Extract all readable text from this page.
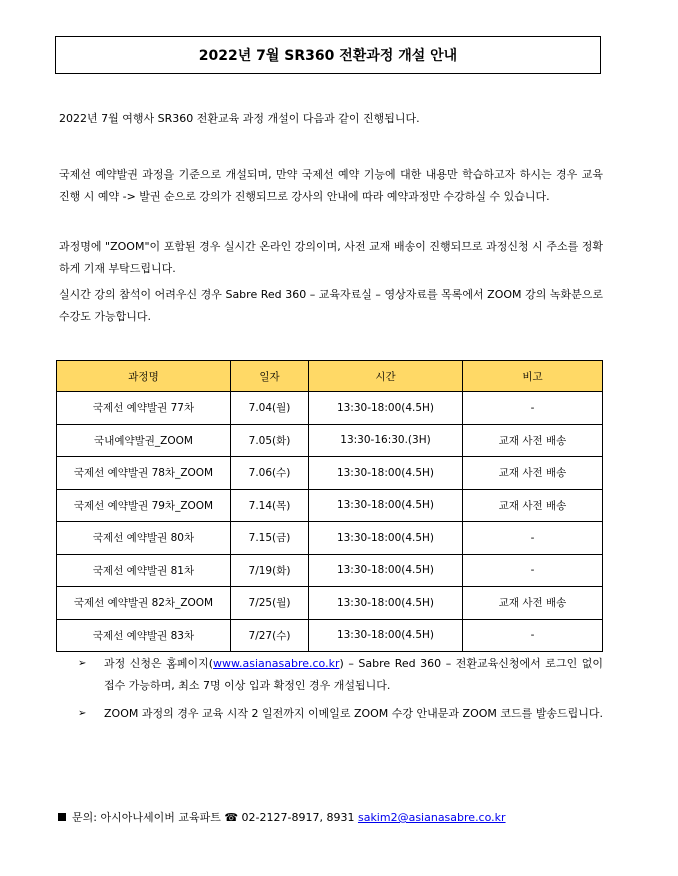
2022년 7월 SR360 전환과정 개설 안내
2022년 7월 여행사 SR360 전환교육 과정 개설이 다음과 같이 진행됩니다.
국제선 예약발권 과정을 기준으로 개설되며, 만약 국제선 예약 기능에 대한 내용만 학습하고자 하시는 경우 교육 진행 시 예약 -> 발권 순으로 강의가 진행되므로 강사의 안내에 따라 예약과정만 수강하실 수 있습니다.
과정명에 "ZOOM"이 포함된 경우 실시간 온라인 강의이며, 사전 교재 배송이 진행되므로 과정신청 시 주소를 정확하게 기재 부탁드립니다.
실시간 강의 참석이 어려우신 경우 Sabre Red 360 – 교육자료실 – 영상자료를 목록에서 ZOOM 강의 녹화분으로 수강도 가능합니다.
과정명	일자	시간	비고
국제선 예약발권 77차	7.04(월)	13:30-18:00(4.5H)	-
국내예약발권_ZOOM	7.05(화)	13:30-16:30.(3H)	교재 사전 배송
국제선 예약발권 78차_ZOOM	7.06(수)	13:30-18:00(4.5H)	교재 사전 배송
국제선 예약발권 79차_ZOOM	7.14(목)	13:30-18:00(4.5H)	교재 사전 배송
국제선 예약발권 80차	7.15(금)	13:30-18:00(4.5H)	-
국제선 예약발권 81차	7/19(화)	13:30-18:00(4.5H)	-
국제선 예약발권 82차_ZOOM	7/25(월)	13:30-18:00(4.5H)	교재 사전 배송
국제선 예약발권 83차	7/27(수)	13:30-18:00(4.5H)	-
➢ 과정 신청은 홈페이지(www.asianasabre.co.kr) – Sabre Red 360 – 전환교육신청에서 로그인 없이 접수 가능하며, 최소 7명 이상 입과 확정인 경우 개설됩니다.
➢ ZOOM 과정의 경우 교육 시작 2 일전까지 이메일로 ZOOM 수강 안내문과 ZOOM 코드를 발송드립니다.
문의: 아시아나세이버 교육파트 ☎ 02-2127-8917, 8931 sakim2@asianasabre.co.kr
